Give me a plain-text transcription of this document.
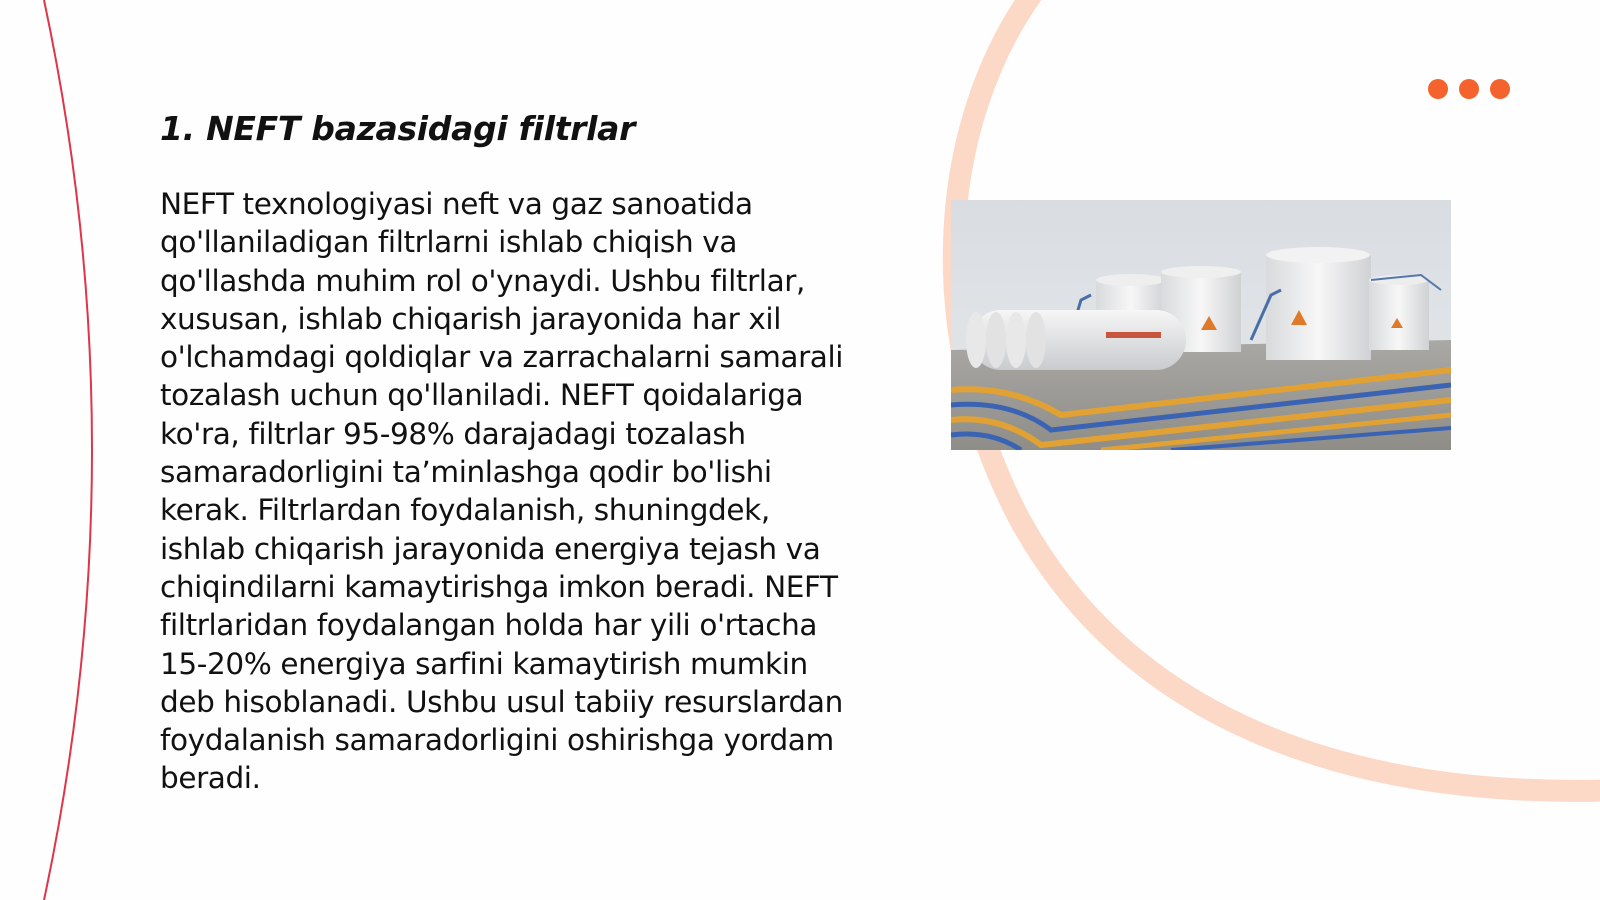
1. NEFT bazasidagi filtrlar

NEFT texnologiyasi neft va gaz sanoatida qo'llaniladigan filtrlarni ishlab chiqish va qo'llashda muhim rol o'ynaydi. Ushbu filtrlar, xususan, ishlab chiqarish jarayonida har xil o'lchamdagi qoldiqlar va zarrachalarni samarali tozalash uchun qo'llaniladi. NEFT qoidalariga ko'ra, filtrlar 95-98% darajadagi tozalash samaradorligini ta’minlashga qodir bo'lishi kerak. Filtrlardan foydalanish, shuningdek, ishlab chiqarish jarayonida energiya tejash va chiqindilarni kamaytirishga imkon beradi. NEFT filtrlaridan foydalangan holda har yili o'rtacha 15-20% energiya sarfini kamaytirish mumkin deb hisoblanadi. Ushbu usul tabiiy resurslardan foydalanish samaradorligini oshirishga yordam beradi.
